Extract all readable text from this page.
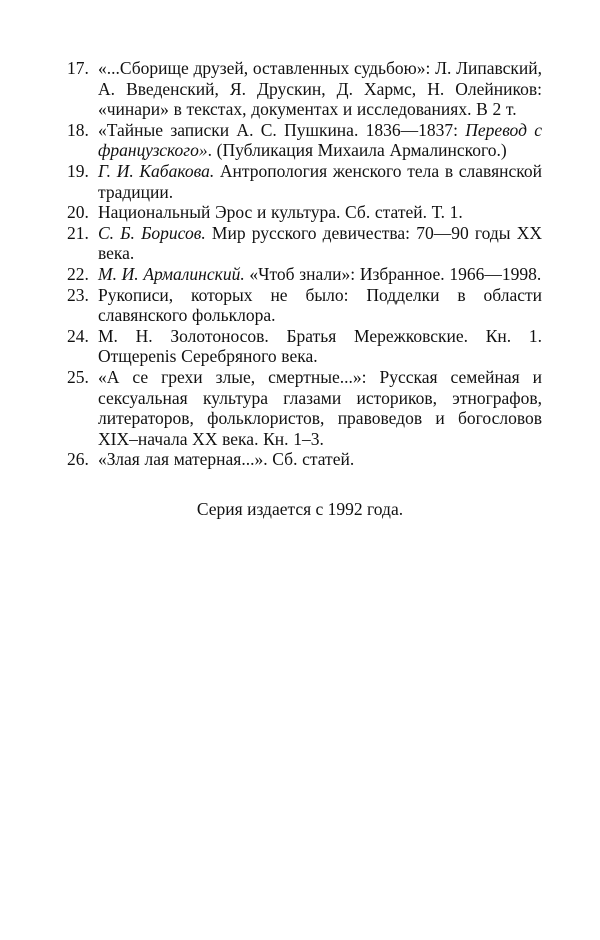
17. «...Сборище друзей, оставленных судьбою»: Л. Липавский, А. Введенский, Я. Друскин, Д. Хармс, Н. Олейников: «чинари» в текстах, документах и исследованиях. В 2 т.
18. «Тайные записки А. С. Пушкина. 1836—1837: Перевод с французского». (Публикация Михаила Армалинского.)
19. Г. И. Кабакова. Антропология женского тела в славянской традиции.
20. Национальный Эрос и культура. Сб. статей. Т. 1.
21. С. Б. Борисов. Мир русского девичества: 70—90 годы XX века.
22. М. И. Армалинский. «Чтоб знали»: Избранное. 1966—1998.
23. Рукописи, которых не было: Подделки в области славянского фольклора.
24. М. Н. Золотоносов. Братья Мережковские. Кн. 1. Отщepenis Серебряного века.
25. «А се грехи злые, смертные...»: Русская семейная и сексуальная культура глазами историков, этнографов, литераторов, фольклористов, правоведов и богословов XIX–начала XX века. Кн. 1–3.
26. «Злая лая матерная...». Сб. статей.
Серия издается с 1992 года.
